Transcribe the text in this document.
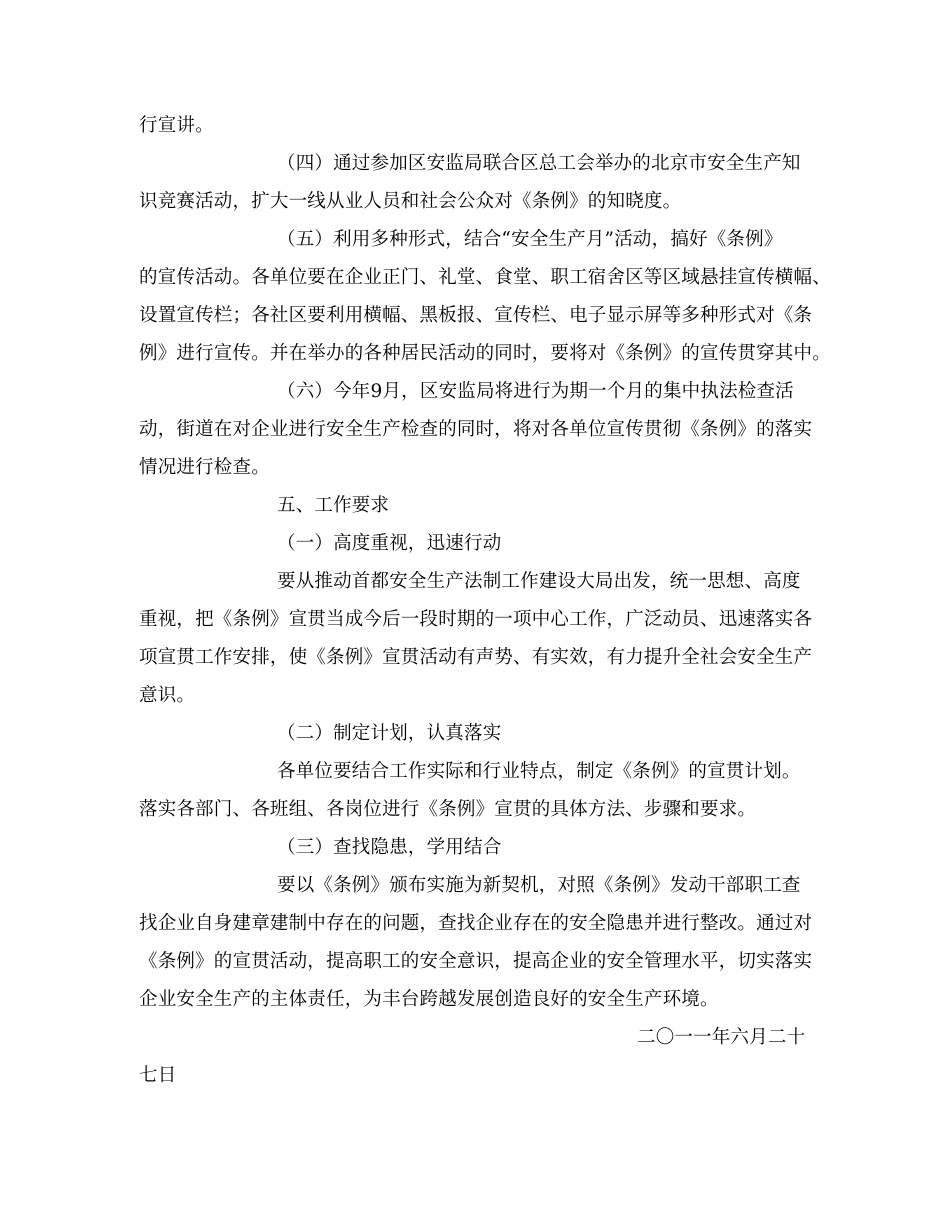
行宣讲。
（四）通过参加区安监局联合区总工会举办的北京市安全生产知
识竞赛活动，扩大一线从业人员和社会公众对《条例》的知晓度。
（五）利用多种形式，结合“安全生产月”活动，搞好《条例》
的宣传活动。各单位要在企业正门、礼堂、食堂、职工宿舍区等区域悬挂宣传横幅、
设置宣传栏；各社区要利用横幅、黑板报、宣传栏、电子显示屏等多种形式对《条
例》进行宣传。并在举办的各种居民活动的同时，要将对《条例》的宣传贯穿其中。
（六）今年9月，区安监局将进行为期一个月的集中执法检查活
动，街道在对企业进行安全生产检查的同时，将对各单位宣传贯彻《条例》的落实
情况进行检查。
五、工作要求
（一）高度重视，迅速行动
要从推动首都安全生产法制工作建设大局出发，统一思想、高度
重视，把《条例》宣贯当成今后一段时期的一项中心工作，广泛动员、迅速落实各
项宣贯工作安排，使《条例》宣贯活动有声势、有实效，有力提升全社会安全生产
意识。
（二）制定计划，认真落实
各单位要结合工作实际和行业特点，制定《条例》的宣贯计划。
落实各部门、各班组、各岗位进行《条例》宣贯的具体方法、步骤和要求。
（三）查找隐患，学用结合
要以《条例》颁布实施为新契机，对照《条例》发动干部职工查
找企业自身建章建制中存在的问题，查找企业存在的安全隐患并进行整改。通过对
《条例》的宣贯活动，提高职工的安全意识，提高企业的安全管理水平，切实落实
企业安全生产的主体责任，为丰台跨越发展创造良好的安全生产环境。
二〇一一年六月二十
七日
